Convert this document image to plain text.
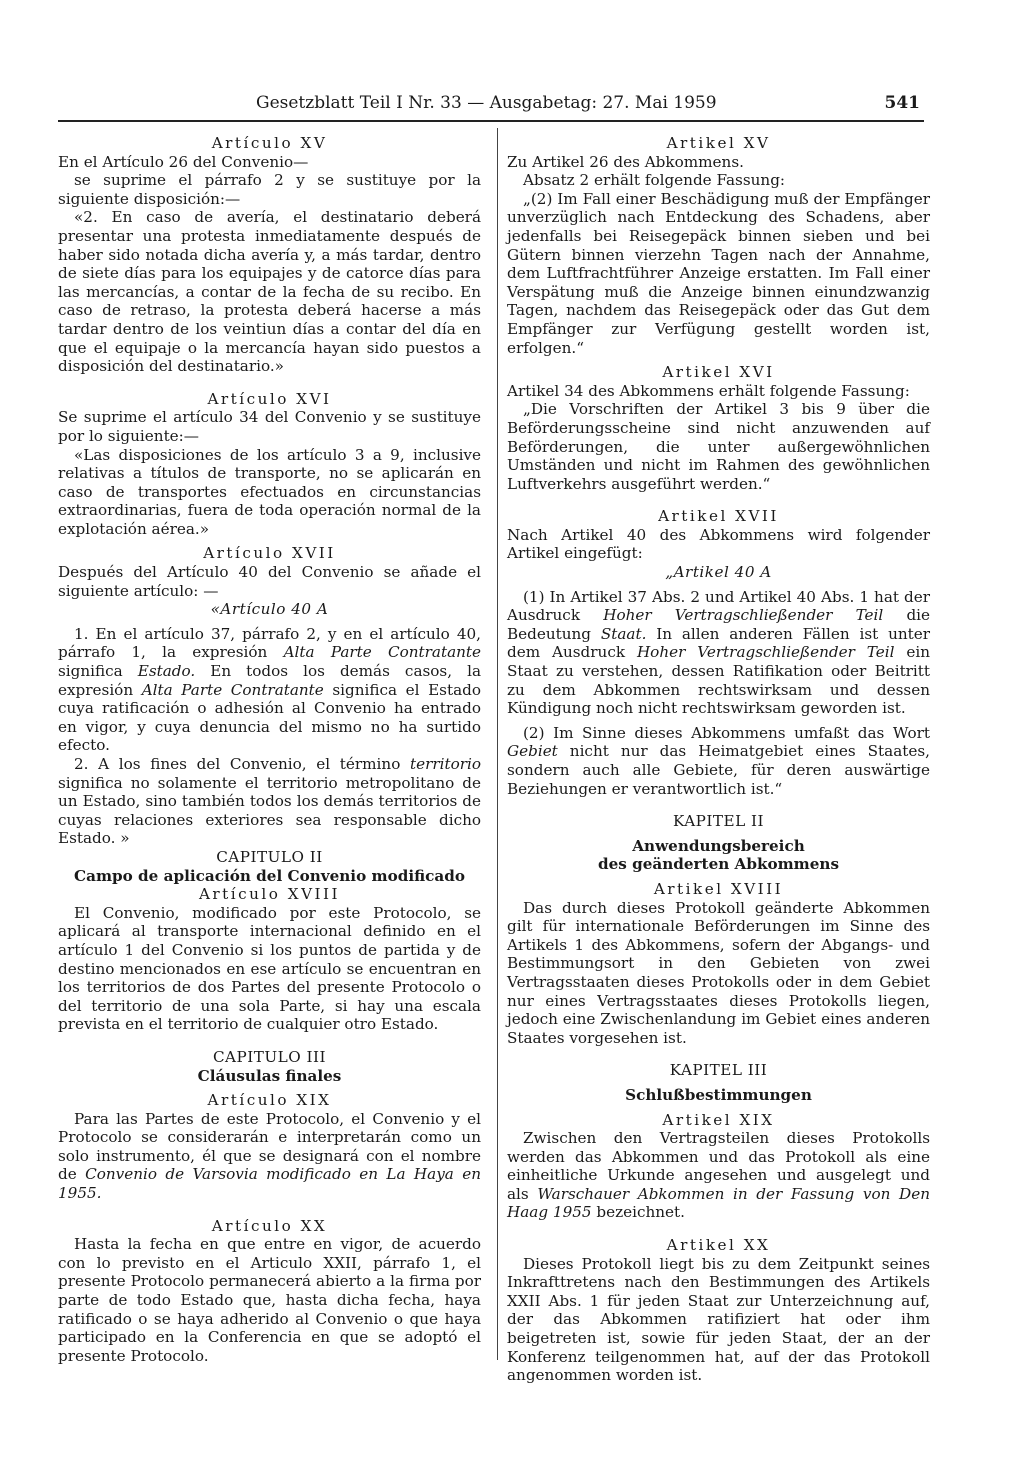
Gesetzblatt Teil I Nr. 33 — Ausgabetag: 27. Mai 1959	541

Artículo XV

En el Artículo 26 del Convenio—

se suprime el párrafo 2 y se sustituye por la siguiente disposición:—

«2. En caso de avería, el destinatario deberá presentar una protesta inmediatamente después de haber sido notada dicha avería y, a más tardar, dentro de siete días para los equipajes y de catorce días para las mercancías, a contar de la fecha de su recibo. En caso de retraso, la protesta deberá hacerse a más tardar dentro de los veintiun días a contar del día en que el equipaje o la mercancía hayan sido puestos a disposición del destinatario.»

Artículo XVI

Se suprime el artículo 34 del Convenio y se sustituye por lo siguiente:—

«Las disposiciones de los artículo 3 a 9, inclusive relativas a títulos de transporte, no se aplicarán en caso de transportes efectuados en circunstancias extraordinarias, fuera de toda operación normal de la explotación aérea.»

Artículo XVII

Después del Artículo 40 del Convenio se añade el siguiente artículo: —

«Artículo 40 A

1. En el artículo 37, párrafo 2, y en el artículo 40, párrafo 1, la expresión Alta Parte Contratante significa Estado. En todos los demás casos, la expresión Alta Parte Contratante significa el Estado cuya ratificación o adhesión al Convenio ha entrado en vigor, y cuya denuncia del mismo no ha surtido efecto.

2. A los fines del Convenio, el término territorio significa no solamente el territorio metropolitano de un Estado, sino también todos los demás territorios de cuyas relaciones exteriores sea responsable dicho Estado. »

CAPITULO II

Campo de aplicación del Convenio modificado

Artículo XVIII

El Convenio, modificado por este Protocolo, se aplicará al transporte internacional definido en el artículo 1 del Convenio si los puntos de partida y de destino mencionados en ese artículo se encuentran en los territorios de dos Partes del presente Protocolo o del territorio de una sola Parte, si hay una escala prevista en el territorio de cualquier otro Estado.

CAPITULO III

Cláusulas finales

Artículo XIX

Para las Partes de este Protocolo, el Convenio y el Protocolo se considerarán e interpretarán como un solo instrumento, él que se designará con el nombre de Convenio de Varsovia modificado en La Haya en 1955.

Artículo XX

Hasta la fecha en que entre en vigor, de acuerdo con lo previsto en el Articulo XXII, párrafo 1, el presente Protocolo permanecerá abierto a la firma por parte de todo Estado que, hasta dicha fecha, haya ratificado o se haya adherido al Convenio o que haya participado en la Conferencia en que se adoptó el presente Protocolo.

Artikel XV

Zu Artikel 26 des Abkommens.

Absatz 2 erhält folgende Fassung:

„(2) Im Fall einer Beschädigung muß der Empfänger unverzüglich nach Entdeckung des Schadens, aber jedenfalls bei Reisegepäck binnen sieben und bei Gütern binnen vierzehn Tagen nach der Annahme, dem Luftfrachtführer Anzeige erstatten. Im Fall einer Verspätung muß die Anzeige binnen einundzwanzig Tagen, nachdem das Reisegepäck oder das Gut dem Empfänger zur Verfügung gestellt worden ist, erfolgen.“

Artikel XVI

Artikel 34 des Abkommens erhält folgende Fassung:

„Die Vorschriften der Artikel 3 bis 9 über die Beförderungsscheine sind nicht anzuwenden auf Beförderungen, die unter außergewöhnlichen Umständen und nicht im Rahmen des gewöhnlichen Luftverkehrs ausgeführt werden.“

Artikel XVII

Nach Artikel 40 des Abkommens wird folgender Artikel eingefügt:

„Artikel 40 A

(1) In Artikel 37 Abs. 2 und Artikel 40 Abs. 1 hat der Ausdruck Hoher Vertragschließender Teil die Bedeutung Staat. In allen anderen Fällen ist unter dem Ausdruck Hoher Vertragschließender Teil ein Staat zu verstehen, dessen Ratifikation oder Beitritt zu dem Abkommen rechtswirksam und dessen Kündigung noch nicht rechtswirksam geworden ist.

(2) Im Sinne dieses Abkommens umfaßt das Wort Gebiet nicht nur das Heimatgebiet eines Staates, sondern auch alle Gebiete, für deren auswärtige Beziehungen er verantwortlich ist.“

KAPITEL II

Anwendungsbereich

des geänderten Abkommens

Artikel XVIII

Das durch dieses Protokoll geänderte Abkommen gilt für internationale Beförderungen im Sinne des Artikels 1 des Abkommens, sofern der Abgangs- und Bestimmungsort in den Gebieten von zwei Vertragsstaaten dieses Protokolls oder in dem Gebiet nur eines Vertragsstaates dieses Protokolls liegen, jedoch eine Zwischenlandung im Gebiet eines anderen Staates vorgesehen ist.

KAPITEL III

Schlußbestimmungen

Artikel XIX

Zwischen den Vertragsteilen dieses Protokolls werden das Abkommen und das Protokoll als eine einheitliche Urkunde angesehen und ausgelegt und als Warschauer Abkommen in der Fassung von Den Haag 1955 bezeichnet.

Artikel XX

Dieses Protokoll liegt bis zu dem Zeitpunkt seines Inkrafttretens nach den Bestimmungen des Artikels XXII Abs. 1 für jeden Staat zur Unterzeichnung auf, der das Abkommen ratifiziert hat oder ihm beigetreten ist, sowie für jeden Staat, der an der Konferenz teilgenommen hat, auf der das Protokoll angenommen worden ist.
